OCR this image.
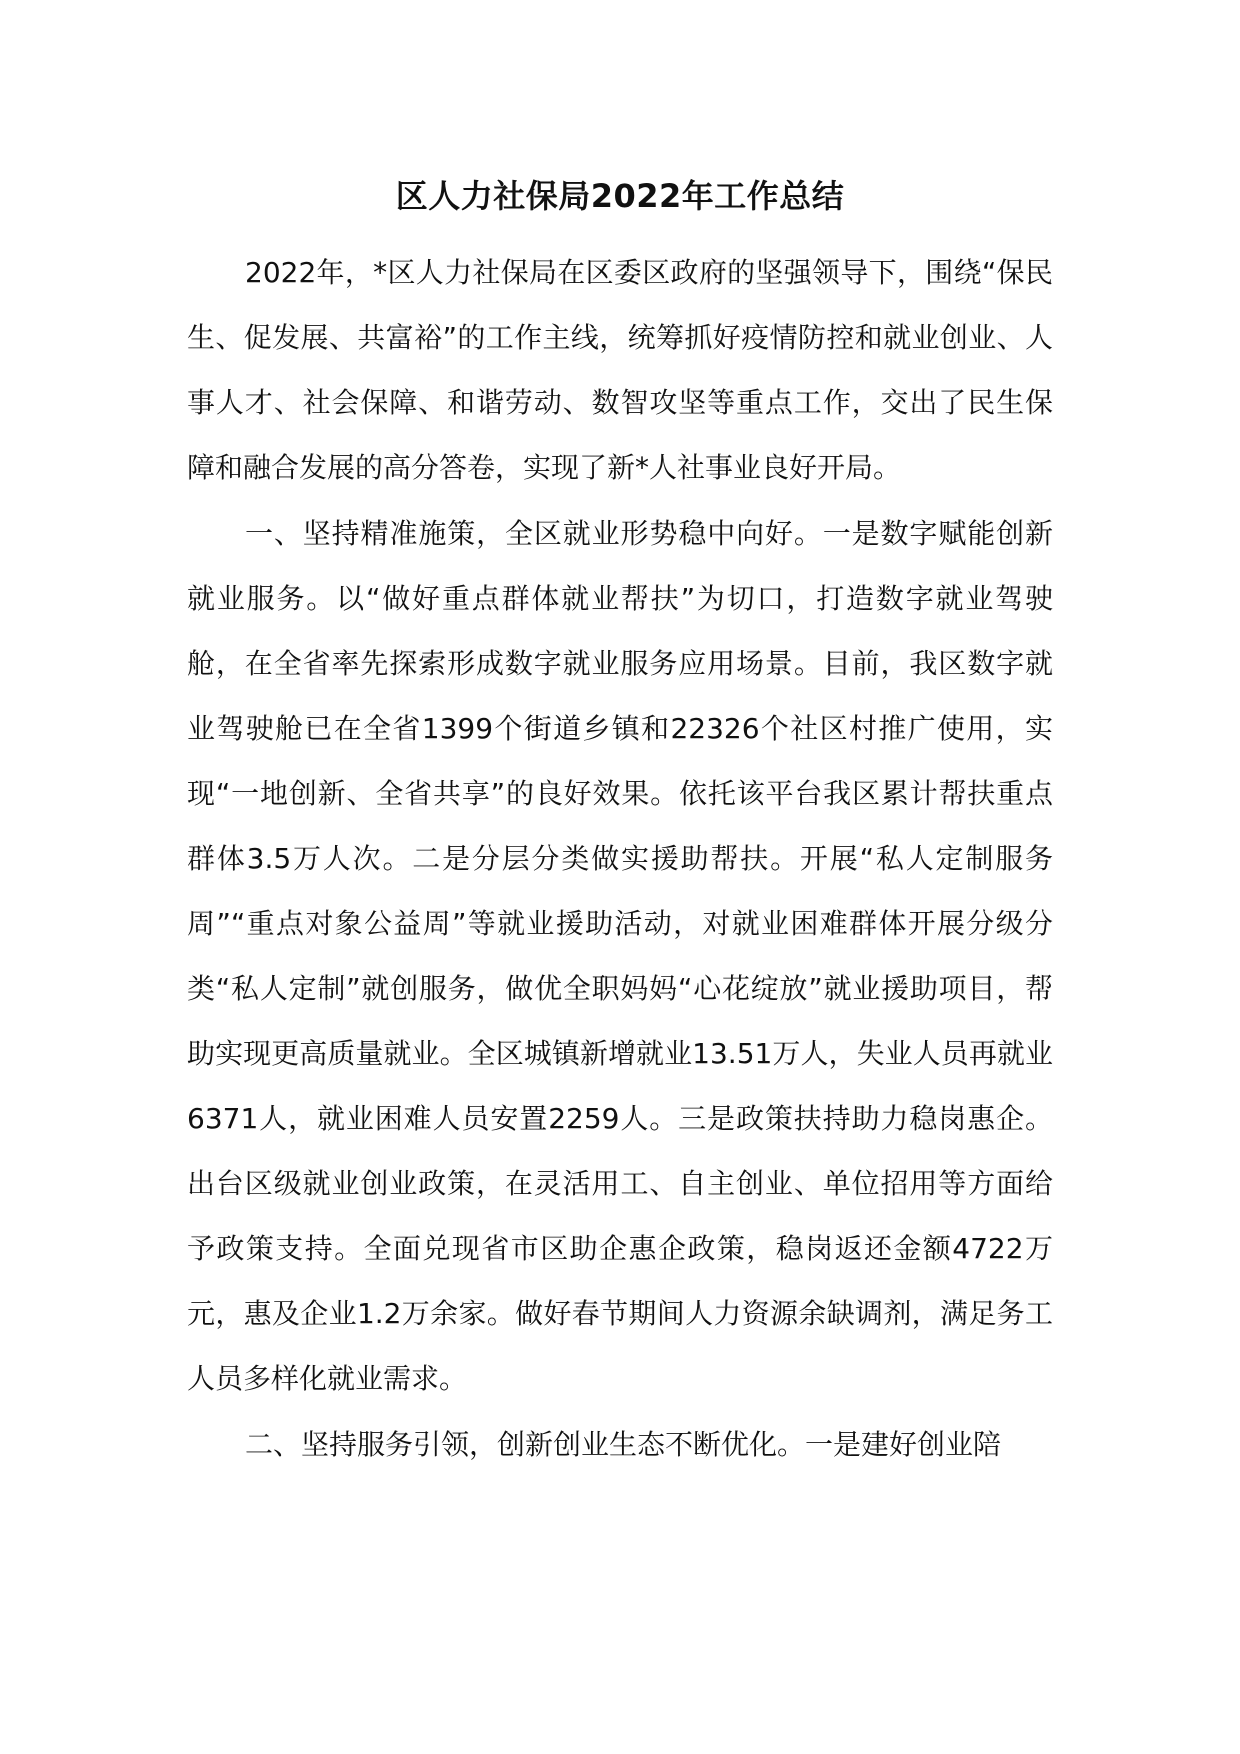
区人力社保局2022年工作总结

2022年，*区人力社保局在区委区政府的坚强领导下，围绕“保民生、促发展、共富裕”的工作主线，统筹抓好疫情防控和就业创业、人事人才、社会保障、和谐劳动、数智攻坚等重点工作，交出了民生保障和融合发展的高分答卷，实现了新*人社事业良好开局。

一、坚持精准施策，全区就业形势稳中向好。一是数字赋能创新就业服务。以“做好重点群体就业帮扶”为切口，打造数字就业驾驶舱，在全省率先探索形成数字就业服务应用场景。目前，我区数字就业驾驶舱已在全省1399个街道乡镇和22326个社区村推广使用，实现“一地创新、全省共享”的良好效果。依托该平台我区累计帮扶重点群体3.5万人次。二是分层分类做实援助帮扶。开展“私人定制服务周”“重点对象公益周”等就业援助活动，对就业困难群体开展分级分类“私人定制”就创服务，做优全职妈妈“心花绽放”就业援助项目，帮助实现更高质量就业。全区城镇新增就业13.51万人，失业人员再就业6371人，就业困难人员安置2259人。三是政策扶持助力稳岗惠企。出台区级就业创业政策，在灵活用工、自主创业、单位招用等方面给予政策支持。全面兑现省市区助企惠企政策，稳岗返还金额4722万元，惠及企业1.2万余家。做好春节期间人力资源余缺调剂，满足务工人员多样化就业需求。

二、坚持服务引领，创新创业生态不断优化。一是建好创业陪
